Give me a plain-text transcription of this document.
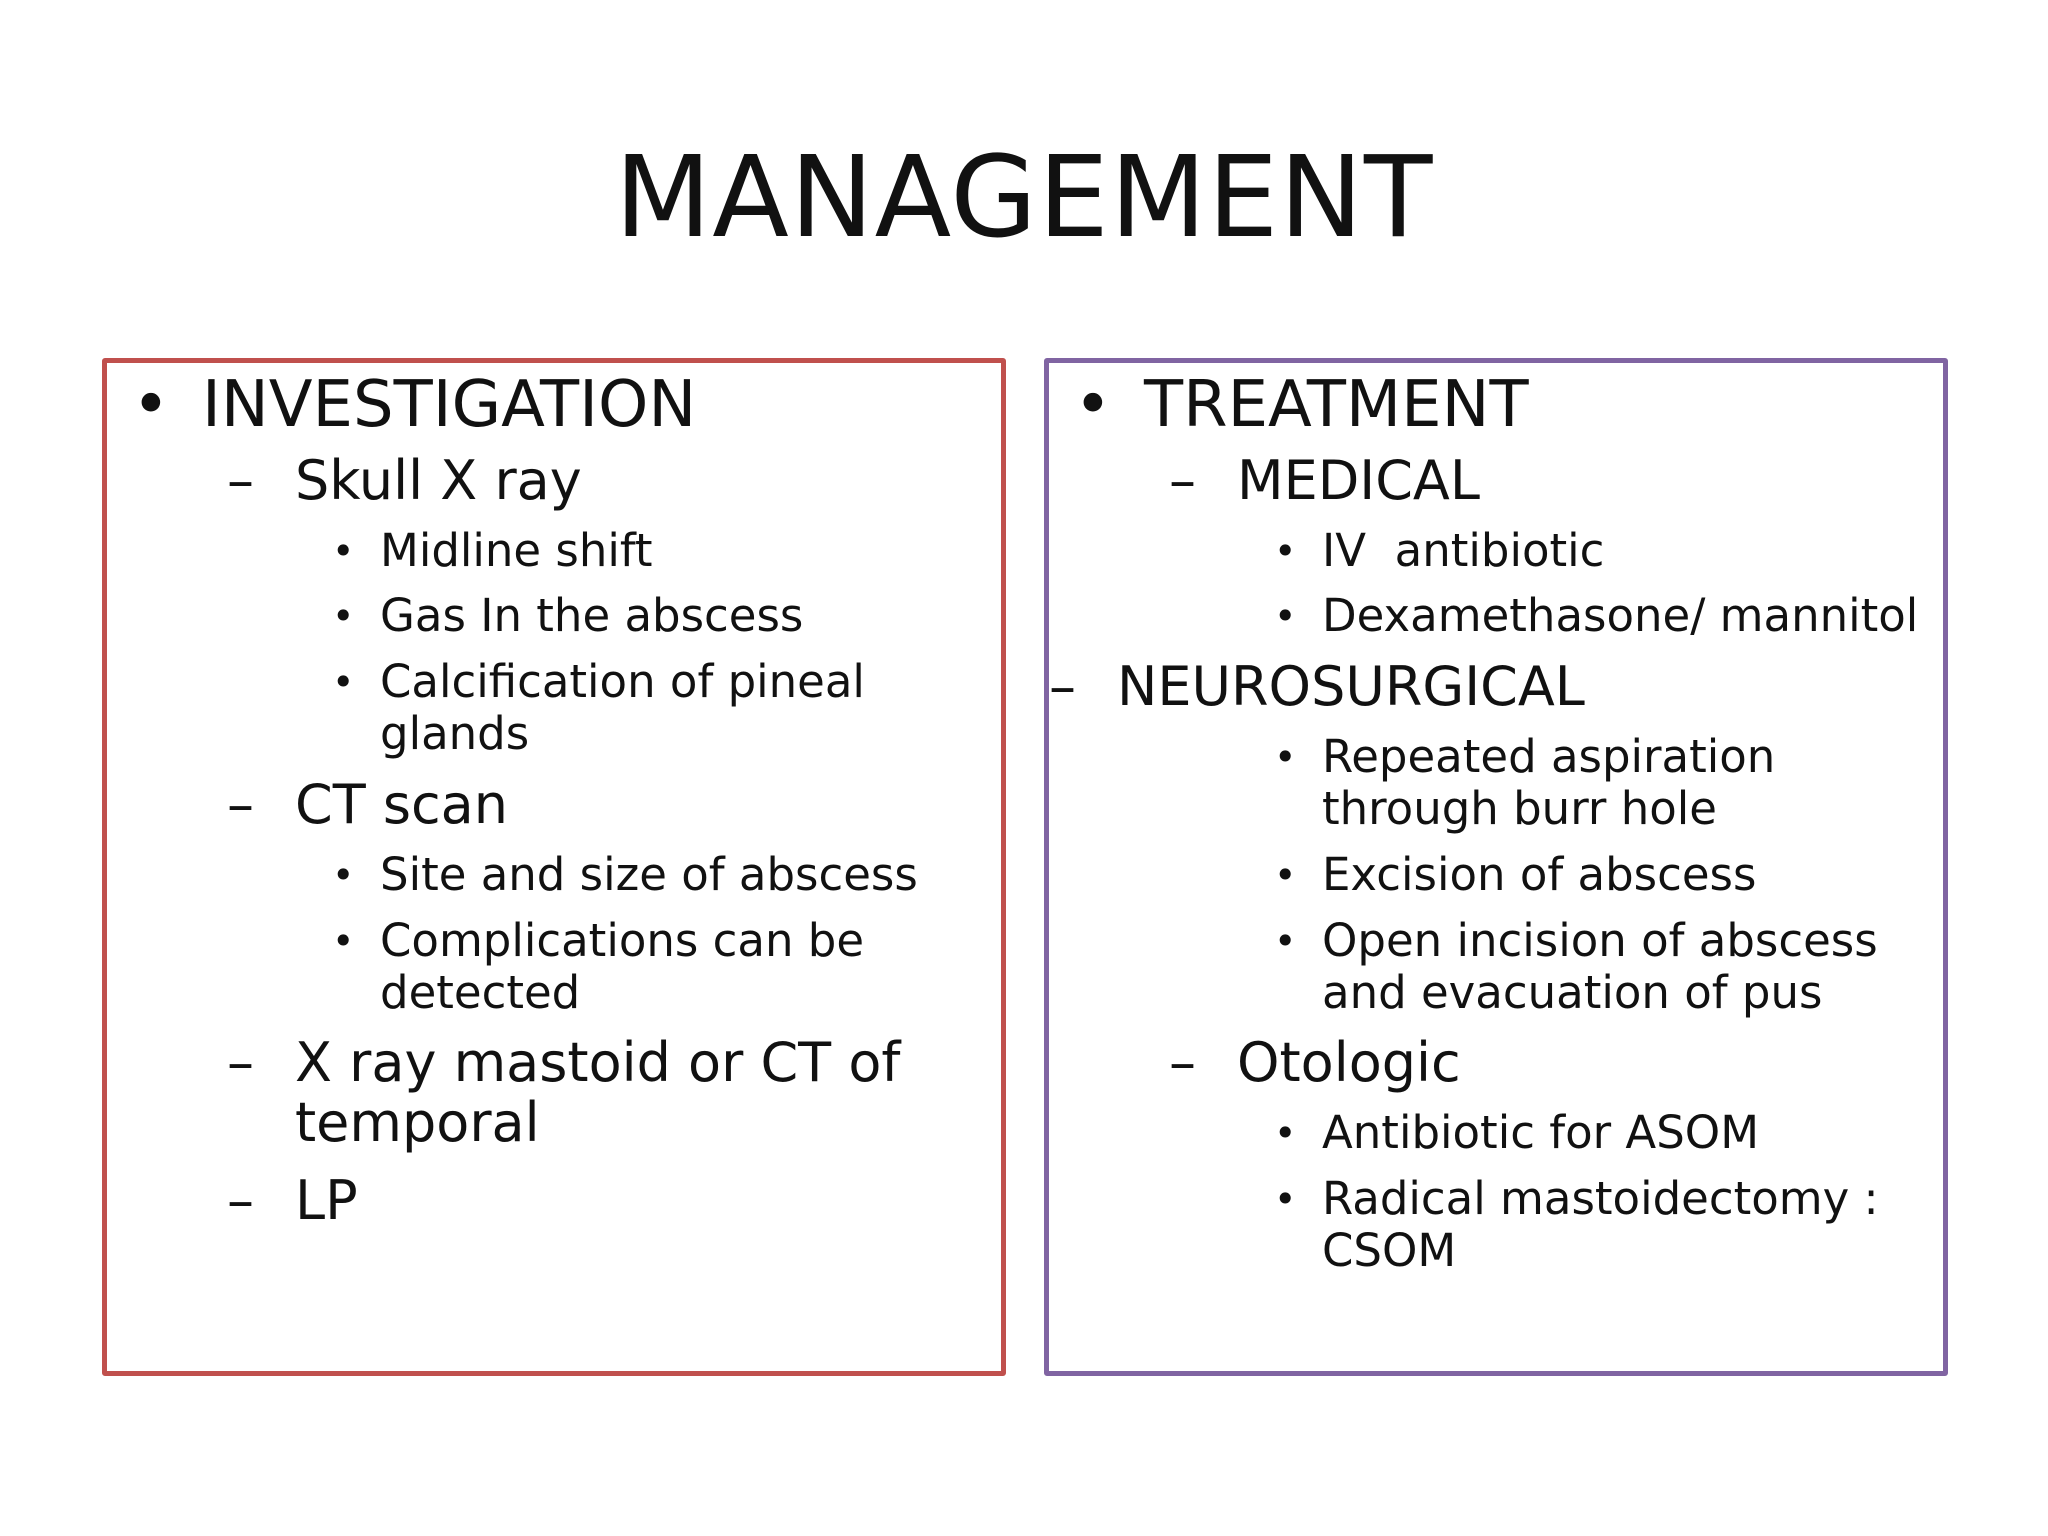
MANAGEMENT
• INVESTIGATION
– Skull X ray
• Midline shift
• Gas In the abscess
• Calcification of pineal glands
– CT scan
• Site and size of abscess
• Complications can be detected
– X ray mastoid or CT of temporal
– LP
• TREATMENT
– MEDICAL
• IV  antibiotic
• Dexamethasone/ mannitol
– NEUROSURGICAL
• Repeated aspiration through burr hole
• Excision of abscess
• Open incision of abscess and evacuation of pus
– Otologic
• Antibiotic for ASOM
• Radical mastoidectomy : CSOM
